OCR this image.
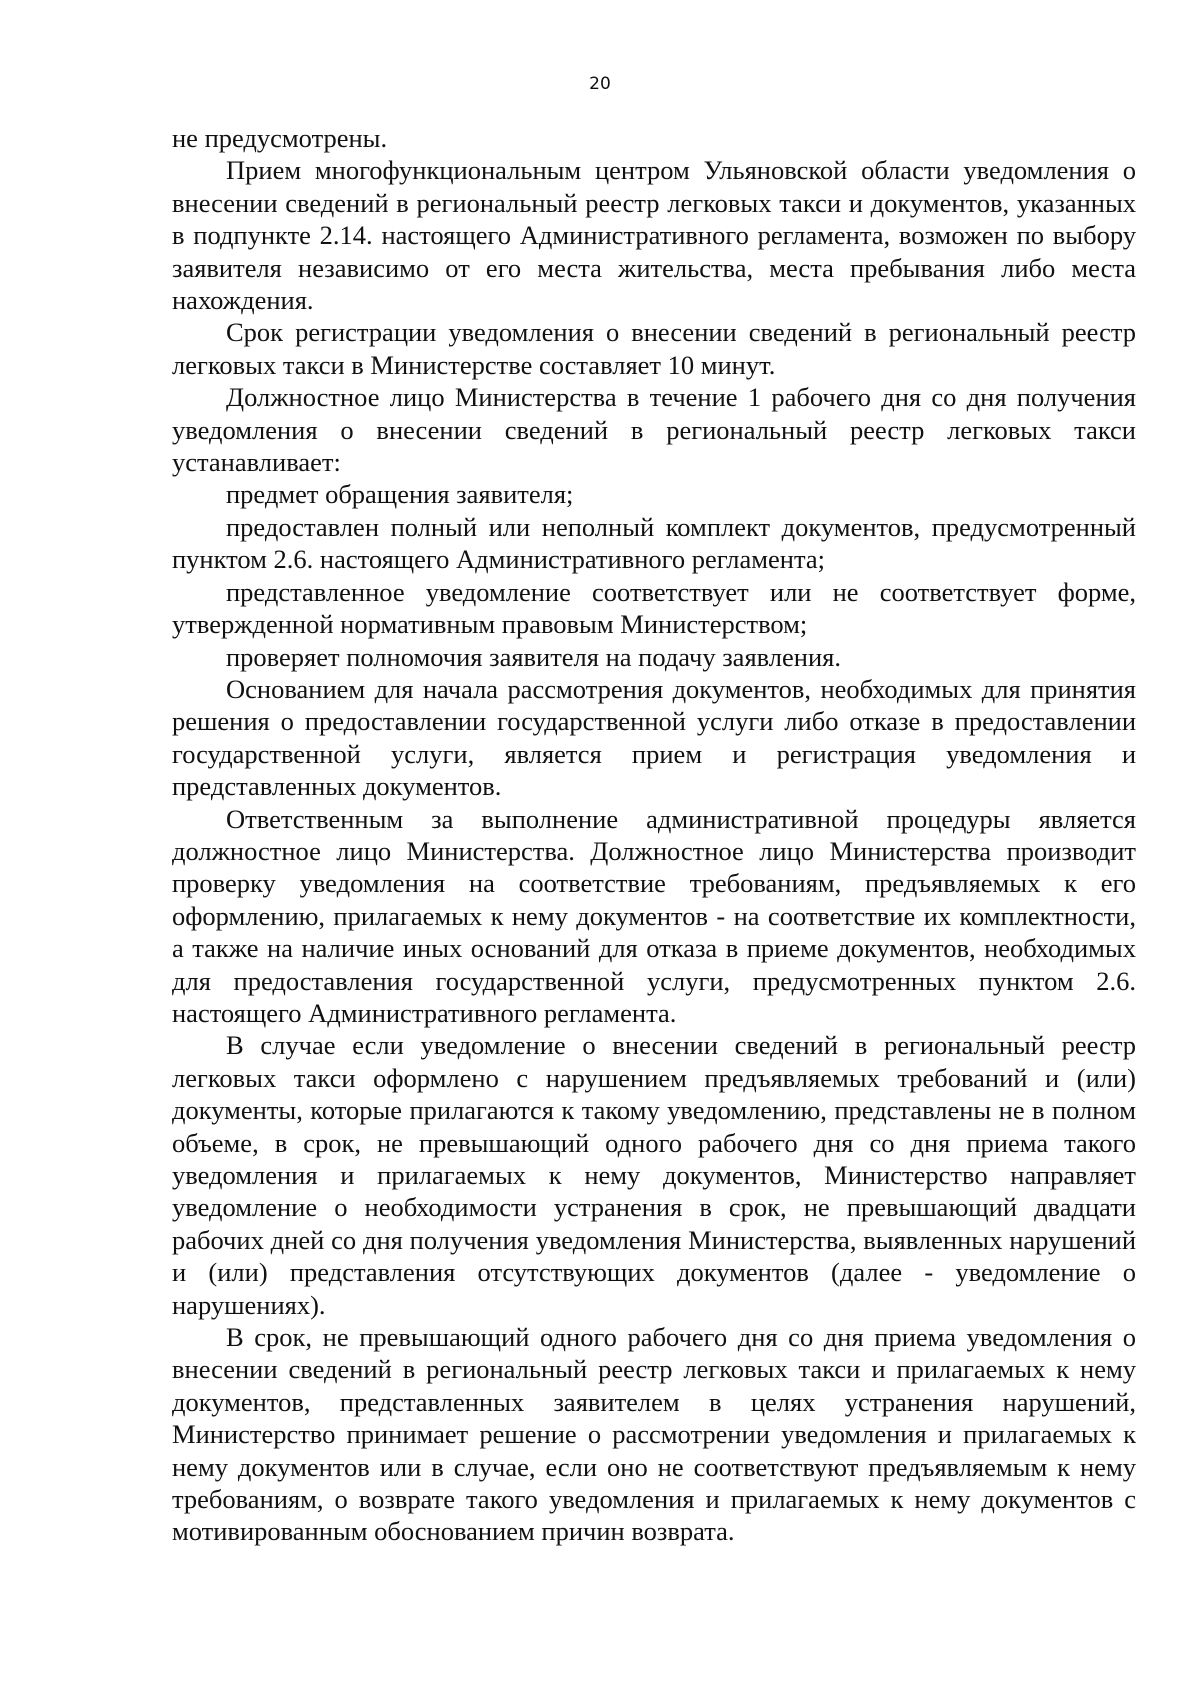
20

не предусмотрены.

Прием многофункциональным центром Ульяновской области уведомления о внесении сведений в региональный реестр легковых такси и документов, указанных в подпункте 2.14. настоящего Административного регламента, возможен по выбору заявителя независимо от его места жительства, места пребывания либо места нахождения.

Срок регистрации уведомления о внесении сведений в региональный реестр легковых такси в Министерстве составляет 10 минут.

Должностное лицо Министерства в течение 1 рабочего дня со дня получения уведомления о внесении сведений в региональный реестр легковых такси устанавливает:

предмет обращения заявителя;

предоставлен полный или неполный комплект документов, предусмотренный пунктом 2.6. настоящего Административного регламента;

представленное уведомление соответствует или не соответствует форме, утвержденной нормативным правовым Министерством;

проверяет полномочия заявителя на подачу заявления.

Основанием для начала рассмотрения документов, необходимых для принятия решения о предоставлении государственной услуги либо отказе в предоставлении государственной услуги, является прием и регистрация уведомления и представленных документов.

Ответственным за выполнение административной процедуры является должностное лицо Министерства. Должностное лицо Министерства производит проверку уведомления на соответствие требованиям, предъявляемых к его оформлению, прилагаемых к нему документов - на соответствие их комплектности, а также на наличие иных оснований для отказа в приеме документов, необходимых для предоставления государственной услуги, предусмотренных пунктом 2.6. настоящего Административного регламента.

В случае если уведомление о внесении сведений в региональный реестр легковых такси оформлено с нарушением предъявляемых требований и (или) документы, которые прилагаются к такому уведомлению, представлены не в полном объеме, в срок, не превышающий одного рабочего дня со дня приема такого уведомления и прилагаемых к нему документов, Министерство направляет уведомление о необходимости устранения в срок, не превышающий двадцати рабочих дней со дня получения уведомления Министерства, выявленных нарушений и (или) представления отсутствующих документов (далее - уведомление о нарушениях).

В срок, не превышающий одного рабочего дня со дня приема уведомления о внесении сведений в региональный реестр легковых такси и прилагаемых к нему документов, представленных заявителем в целях устранения нарушений, Министерство принимает решение о рассмотрении уведомления и прилагаемых к нему документов или в случае, если оно не соответствуют предъявляемым к нему требованиям, о возврате такого уведомления и прилагаемых к нему документов с мотивированным обоснованием причин возврата.
